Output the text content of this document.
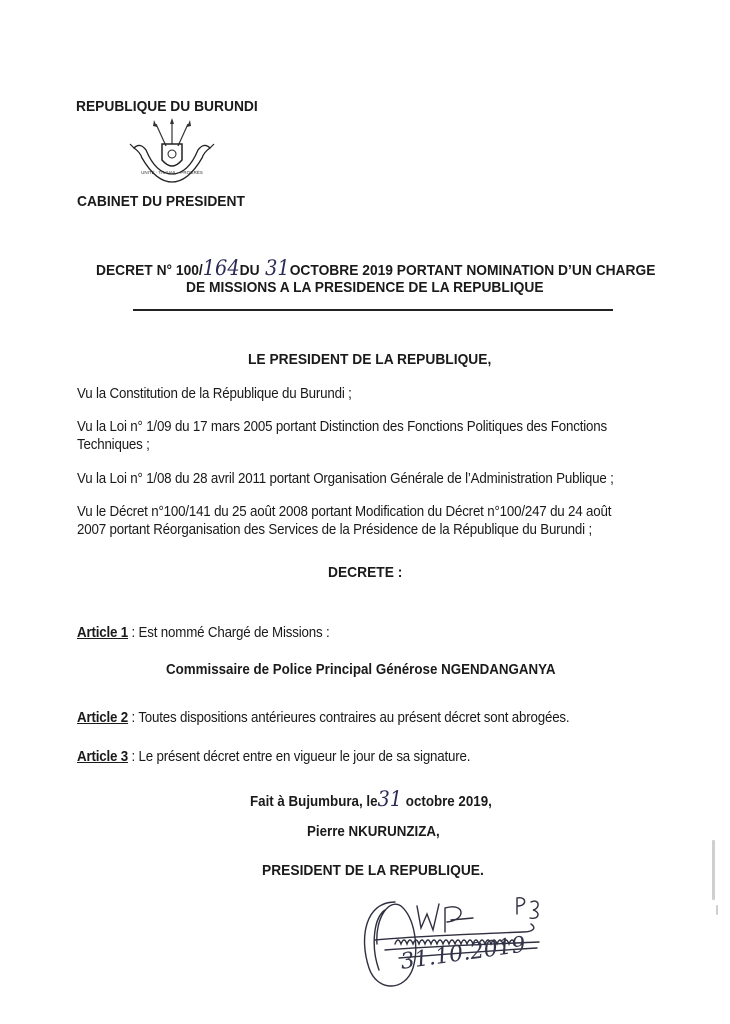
REPUBLIQUE DU BURUNDI
UNITÉ · TRAVAIL · PROGRÈS
CABINET DU PRESIDENT
DECRET N° 100/164DU 31OCTOBRE 2019 PORTANT NOMINATION D’UN CHARGE
DE MISSIONS A LA PRESIDENCE DE LA REPUBLIQUE
LE PRESIDENT DE LA REPUBLIQUE,
Vu la Constitution de la République du Burundi ;
Vu la Loi n° 1/09 du 17 mars 2005 portant Distinction des Fonctions Politiques des Fonctions
Techniques ;
Vu la Loi n° 1/08 du 28 avril 2011 portant Organisation Générale de l’Administration Publique ;
Vu le Décret n°100/141 du 25 août 2008 portant Modification du Décret n°100/247 du 24 août
2007 portant Réorganisation des Services de la Présidence de la République du Burundi ;
DECRETE :
Article 1 : Est nommé Chargé de Missions :
Commissaire de Police Principal Générose NGENDANGANYA
Article 2 : Toutes dispositions antérieures contraires au présent décret sont abrogées.
Article 3 : Le présent décret entre en vigueur le jour de sa signature.
Fait à Bujumbura, le31 octobre 2019,
Pierre NKURUNZIZA,
PRESIDENT DE LA REPUBLIQUE.
31.10.2019
